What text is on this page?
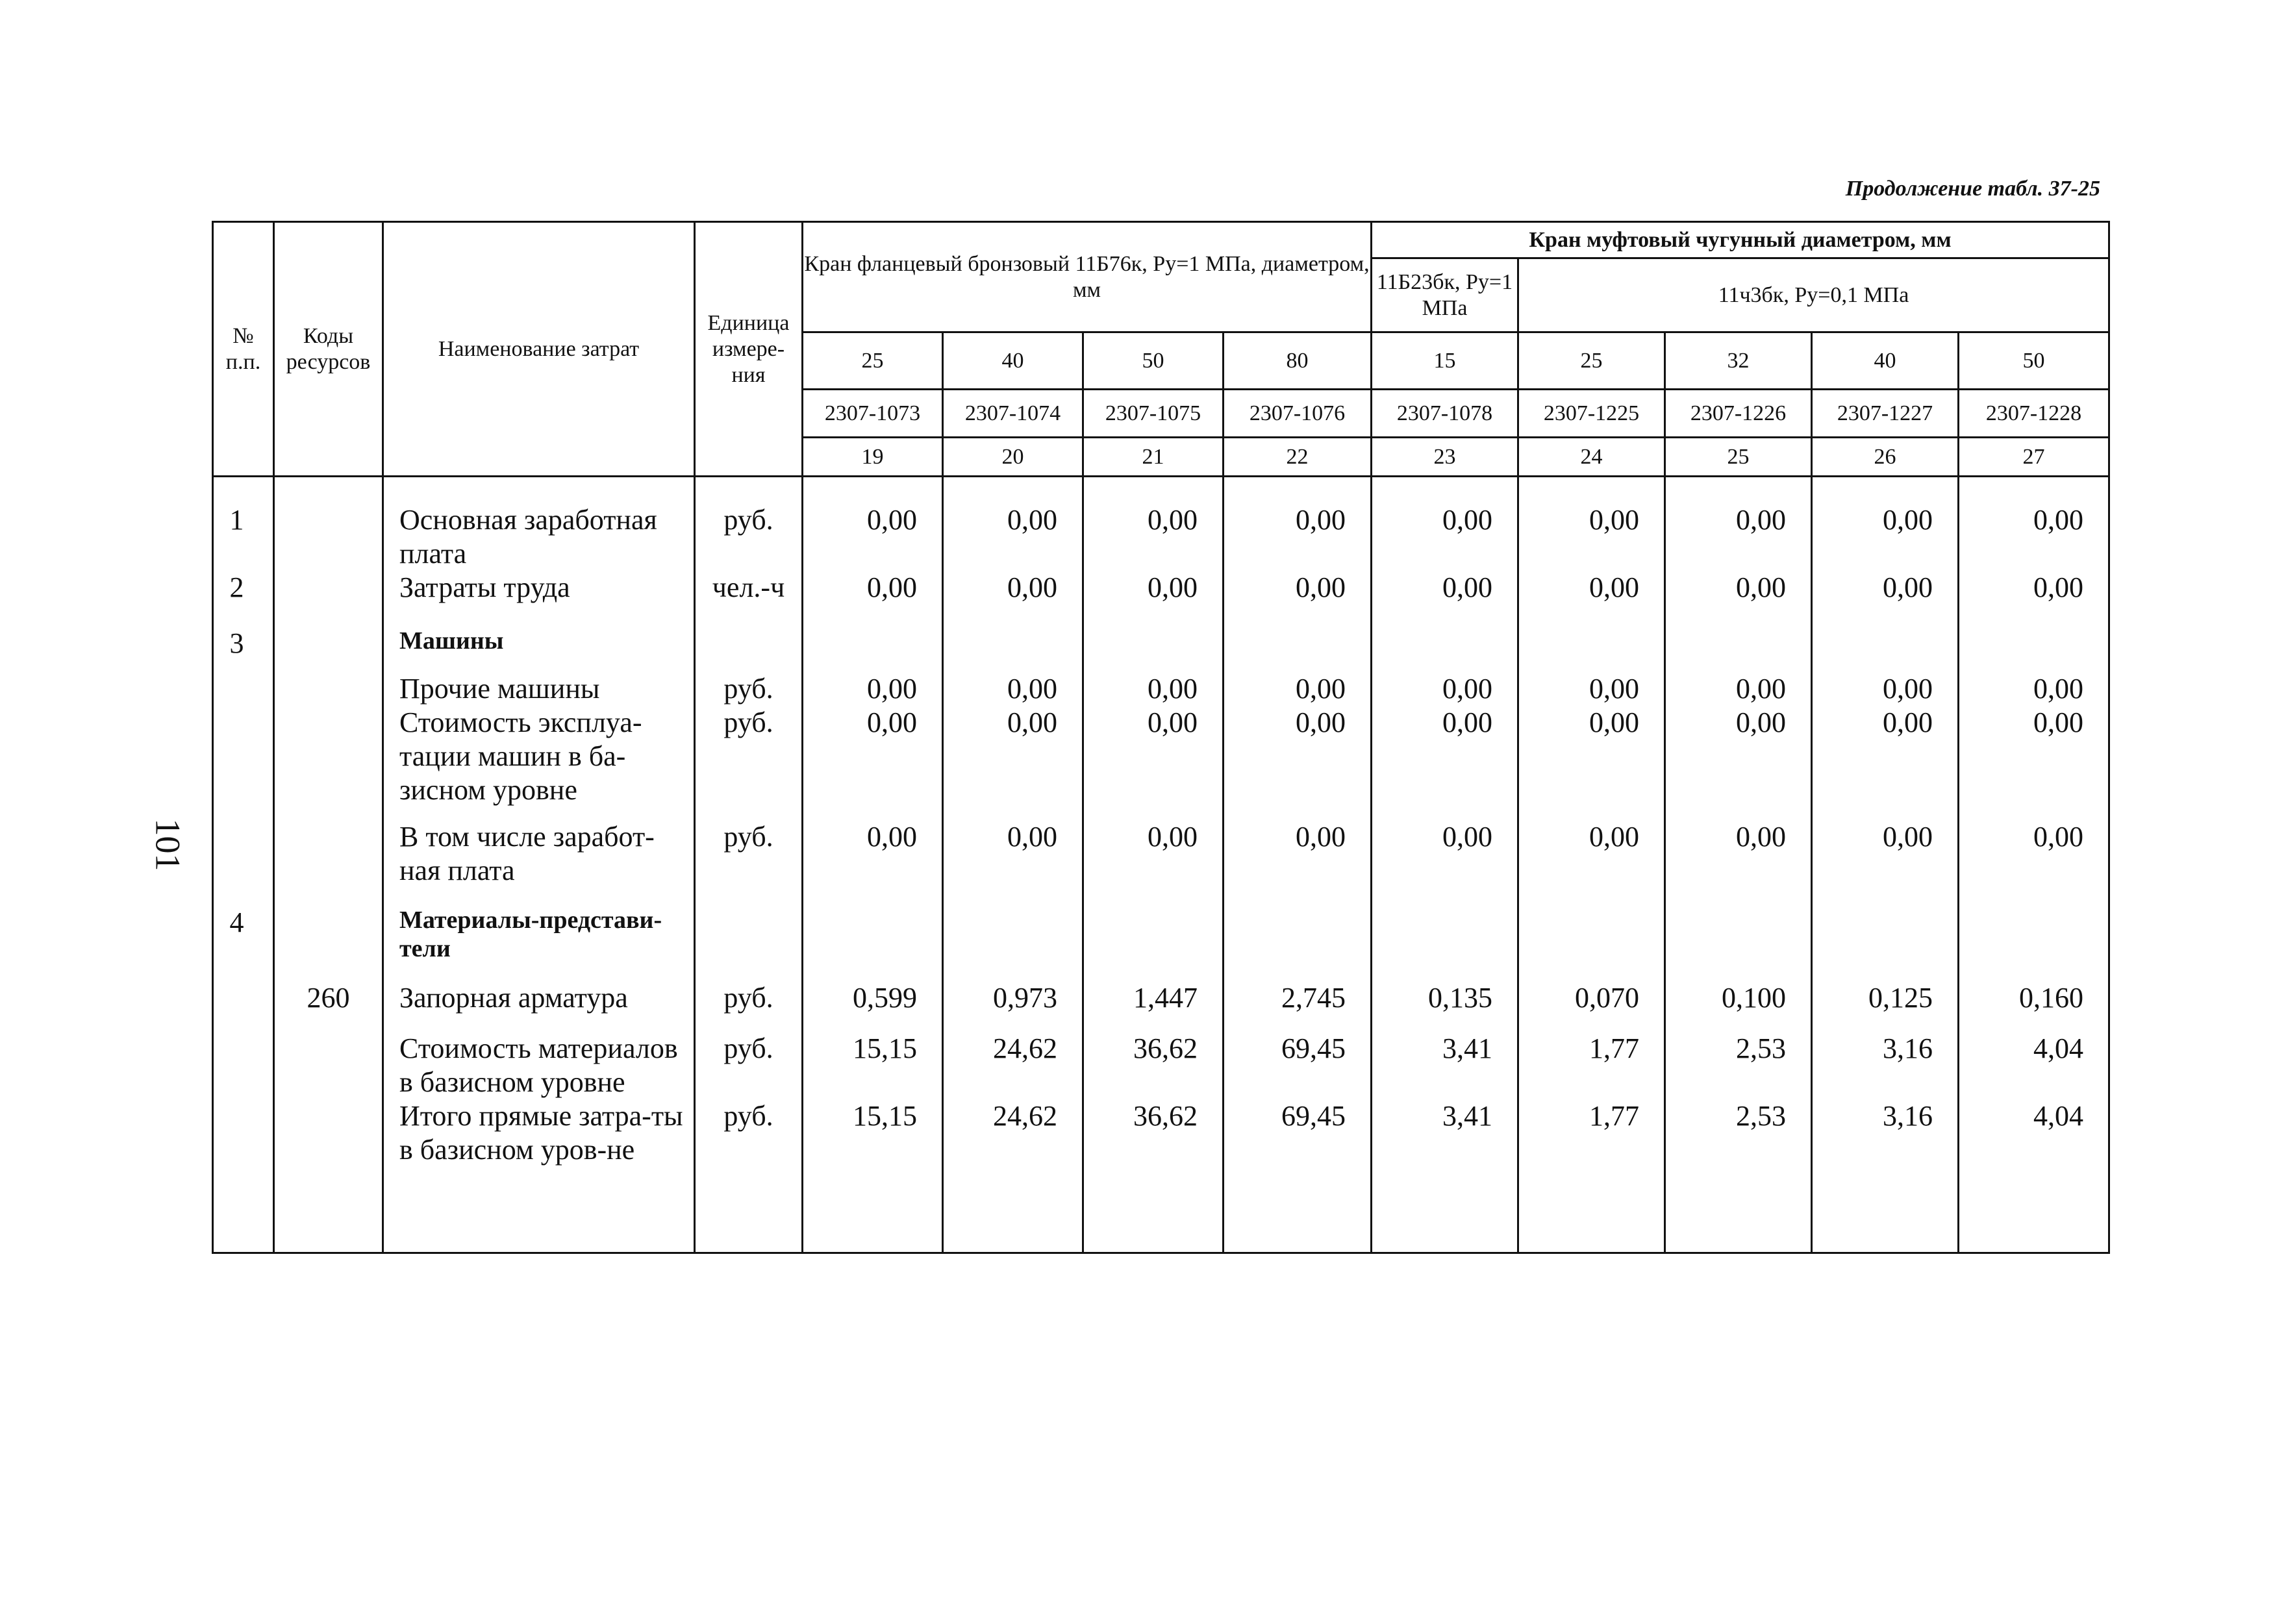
Продолжение табл. 37-25
101
№ п.п.	Коды ресурсов	Наименование затрат	Единица измере-ния	Кран фланцевый бронзовый 11Б76к, Pу=1 МПа, диаметром, мм				Кран муфтовый чугунный диаметром, мм				
								11Б23бк, Pу=1 МПа	11ч3бк, Pу=0,1 МПа			
				25	40	50	80	15	25	32	40	50
				2307-1073	2307-1074	2307-1075	2307-1076	2307-1078	2307-1225	2307-1226	2307-1227	2307-1228
				19	20	21	22	23	24	25	26	27
1		Основная заработная плата	руб.	0,00	0,00	0,00	0,00	0,00	0,00	0,00	0,00	0,00
2		Затраты труда	чел.-ч	0,00	0,00	0,00	0,00	0,00	0,00	0,00	0,00	0,00
3		Машины										
		Прочие машины	руб.	0,00	0,00	0,00	0,00	0,00	0,00	0,00	0,00	0,00
		Стоимость эксплуа-тации машин в ба-зисном уровне	руб.	0,00	0,00	0,00	0,00	0,00	0,00	0,00	0,00	0,00
		В том числе заработ-ная плата	руб.	0,00	0,00	0,00	0,00	0,00	0,00	0,00	0,00	0,00
4		Материалы-представи-тели										
	260	Запорная арматура	руб.	0,599	0,973	1,447	2,745	0,135	0,070	0,100	0,125	0,160
		Стоимость материалов в базисном уровне	руб.	15,15	24,62	36,62	69,45	3,41	1,77	2,53	3,16	4,04
		Итого прямые затра-ты в базисном уров-не	руб.	15,15	24,62	36,62	69,45	3,41	1,77	2,53	3,16	4,04
